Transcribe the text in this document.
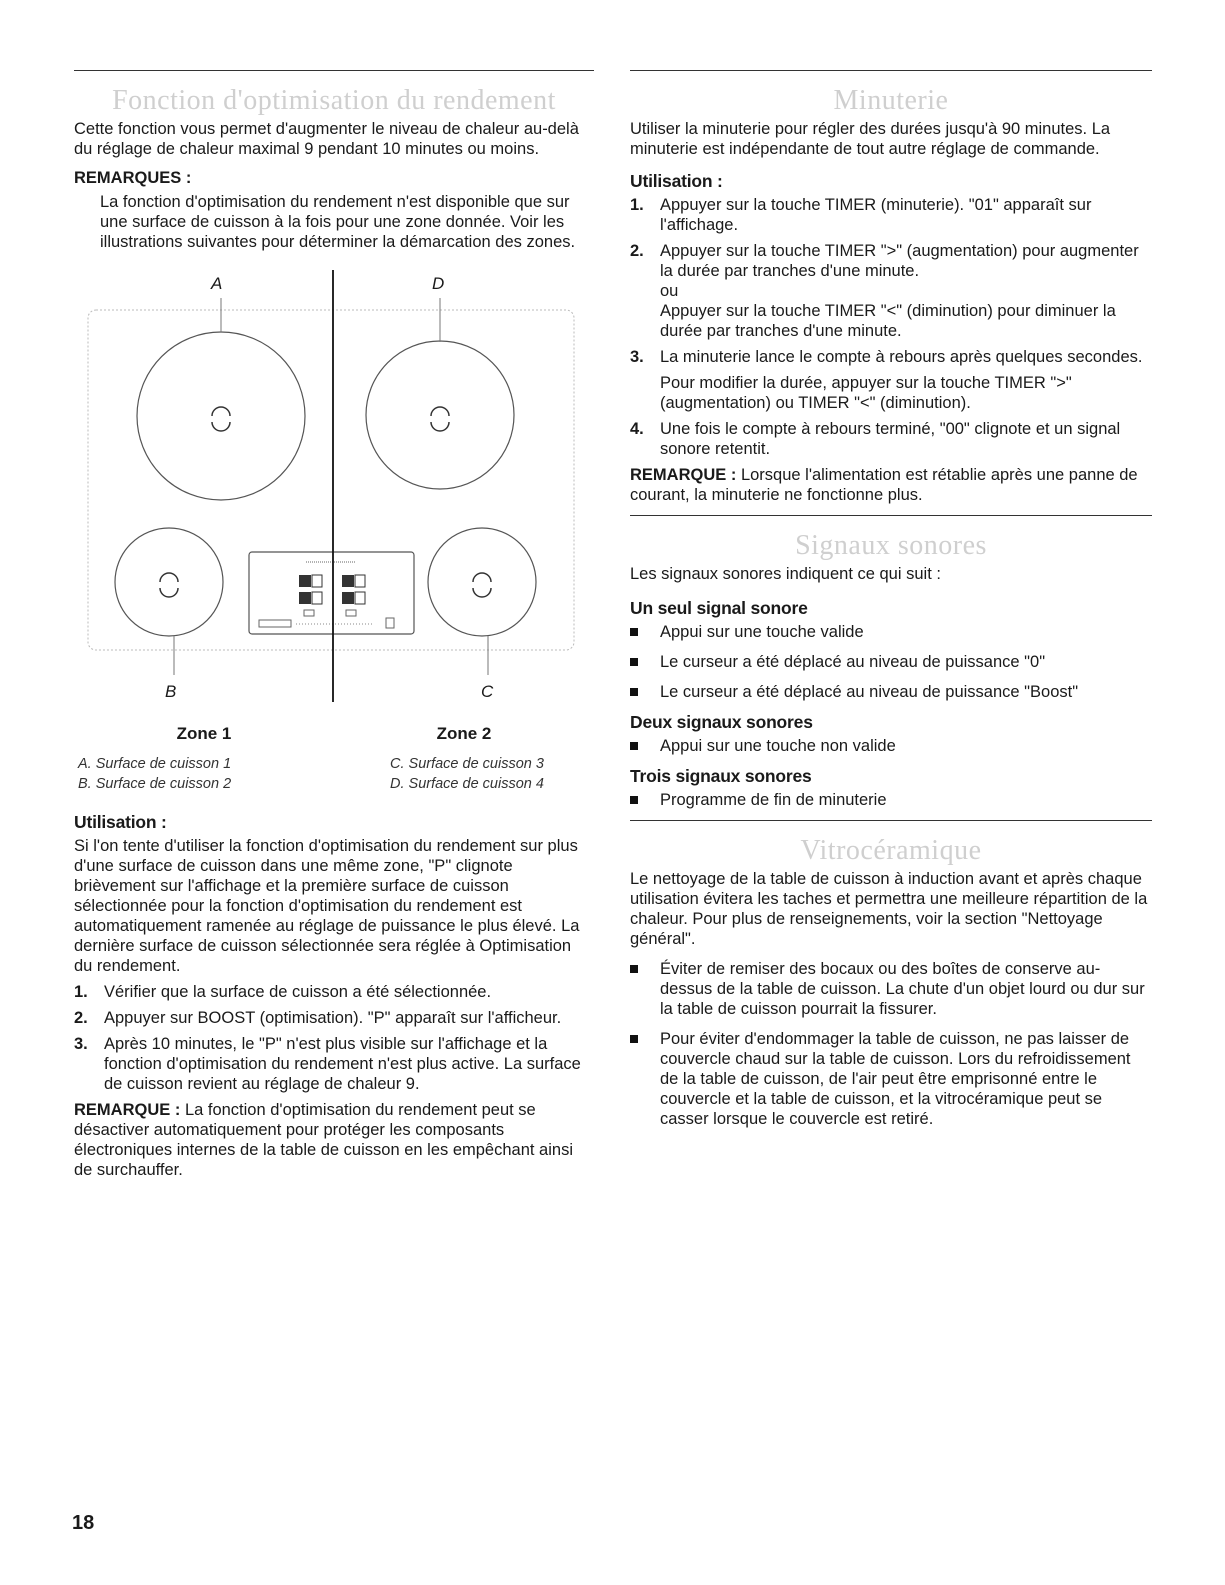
Fonction d'optimisation du rendement

Cette fonction vous permet d'augmenter le niveau de chaleur au-delà du réglage de chaleur maximal 9 pendant 10 minutes ou moins.

REMARQUES :

La fonction d'optimisation du rendement n'est disponible que sur une surface de cuisson à la fois pour une zone donnée. Voir les illustrations suivantes pour déterminer la démarcation des zones.

A	D
B	C
Zone 1
A. Surface de cuisson 1
B. Surface de cuisson 2
Zone 2
C. Surface de cuisson 3
D. Surface de cuisson 4
Utilisation :

Si l'on tente d'utiliser la fonction d'optimisation du rendement sur plus d'une surface de cuisson dans une même zone, "P" clignote brièvement sur l'affichage et la première surface de cuisson sélectionnée pour la fonction d'optimisation du rendement est automatiquement ramenée au réglage de puissance le plus élevé. La dernière surface de cuisson sélectionnée sera réglée à Optimisation du rendement.

1. Vérifier que la surface de cuisson a été sélectionnée.
2. Appuyer sur BOOST (optimisation). "P" apparaît sur l'afficheur.
3. Après 10 minutes, le "P" n'est plus visible sur l'affichage et la fonction d'optimisation du rendement n'est plus active. La surface de cuisson revient au réglage de chaleur 9.

REMARQUE : La fonction d'optimisation du rendement peut se désactiver automatiquement pour protéger les composants électroniques internes de la table de cuisson en les empêchant ainsi de surchauffer.

Minuterie

Utiliser la minuterie pour régler des durées jusqu'à 90 minutes. La minuterie est indépendante de tout autre réglage de commande.

Utilisation :
1. Appuyer sur la touche TIMER (minuterie). "01" apparaît sur l'affichage.
2. Appuyer sur la touche TIMER ">" (augmentation) pour augmenter la durée par tranches d'une minute.
ou
Appuyer sur la touche TIMER "<" (diminution) pour diminuer la durée par tranches d'une minute.
3. La minuterie lance le compte à rebours après quelques secondes.
Pour modifier la durée, appuyer sur la touche TIMER ">" (augmentation) ou TIMER "<" (diminution).
4. Une fois le compte à rebours terminé, "00" clignote et un signal sonore retentit.

REMARQUE : Lorsque l'alimentation est rétablie après une panne de courant, la minuterie ne fonctionne plus.

Signaux sonores

Les signaux sonores indiquent ce qui suit :

Un seul signal sonore
Appui sur une touche valide
Le curseur a été déplacé au niveau de puissance "0"
Le curseur a été déplacé au niveau de puissance "Boost"
Deux signaux sonores
Appui sur une touche non valide
Trois signaux sonores
Programme de fin de minuterie
Vitrocéramique

Le nettoyage de la table de cuisson à induction avant et après chaque utilisation évitera les taches et permettra une meilleure répartition de la chaleur. Pour plus de renseignements, voir la section "Nettoyage général".

Éviter de remiser des bocaux ou des boîtes de conserve au-dessus de la table de cuisson. La chute d'un objet lourd ou dur sur la table de cuisson pourrait la fissurer.
Pour éviter d'endommager la table de cuisson, ne pas laisser de couvercle chaud sur la table de cuisson. Lors du refroidissement de la table de cuisson, de l'air peut être emprisonné entre le couvercle et la table de cuisson, et la vitrocéramique peut se casser lorsque le couvercle est retiré.
18
